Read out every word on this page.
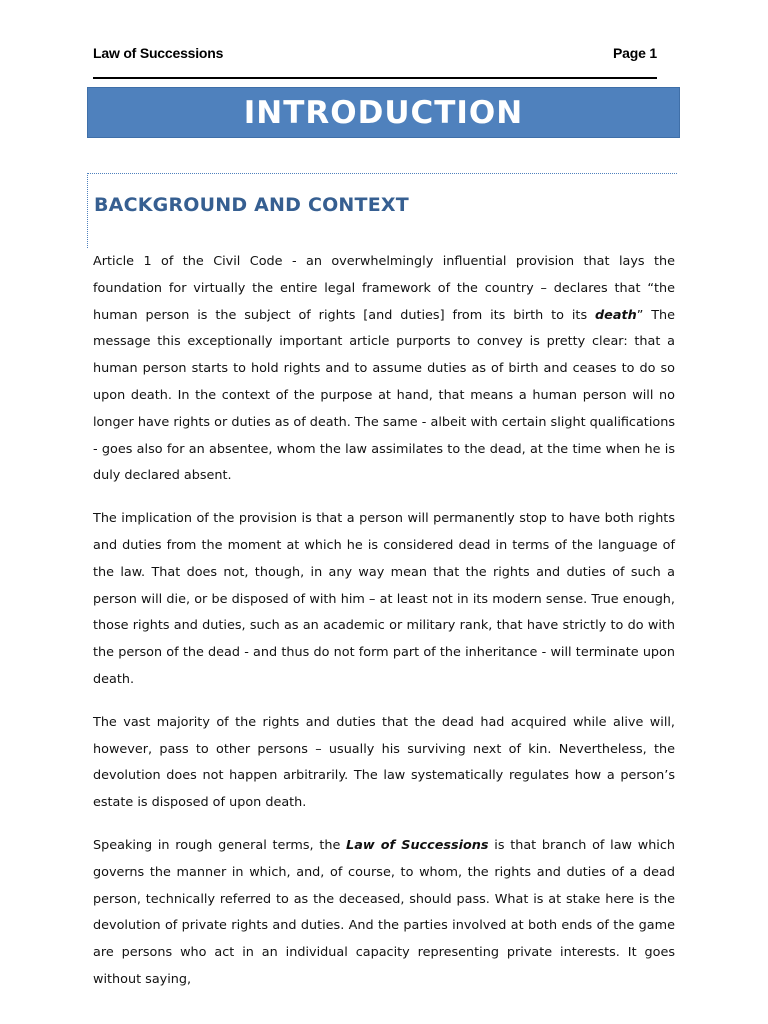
Law of Successions	Page 1
INTRODUCTION
BACKGROUND AND CONTEXT

Article 1 of the Civil Code - an overwhelmingly influential provision that lays the foundation for virtually the entire legal framework of the country – declares that “the human person is the subject of rights [and duties] from its birth to its death” The message this exceptionally important article purports to convey is pretty clear: that a human person starts to hold rights and to assume duties as of birth and ceases to do so upon death. In the context of the purpose at hand, that means a human person will no longer have rights or duties as of death. The same - albeit with certain slight qualifications - goes also for an absentee, whom the law assimilates to the dead, at the time when he is duly declared absent.

The implication of the provision is that a person will permanently stop to have both rights and duties from the moment at which he is considered dead in terms of the language of the law. That does not, though, in any way mean that the rights and duties of such a person will die, or be disposed of with him – at least not in its modern sense. True enough, those rights and duties, such as an academic or military rank, that have strictly to do with the person of the dead - and thus do not form part of the inheritance - will terminate upon death.

The vast majority of the rights and duties that the dead had acquired while alive will, however, pass to other persons – usually his surviving next of kin. Nevertheless, the devolution does not happen arbitrarily. The law systematically regulates how a person’s estate is disposed of upon death.

Speaking in rough general terms, the Law of Successions is that branch of law which governs the manner in which, and, of course, to whom, the rights and duties of a dead person, technically referred to as the deceased, should pass. What is at stake here is the devolution of private rights and duties. And the parties involved at both ends of the game are persons who act in an individual capacity representing private interests. It goes without saying,
